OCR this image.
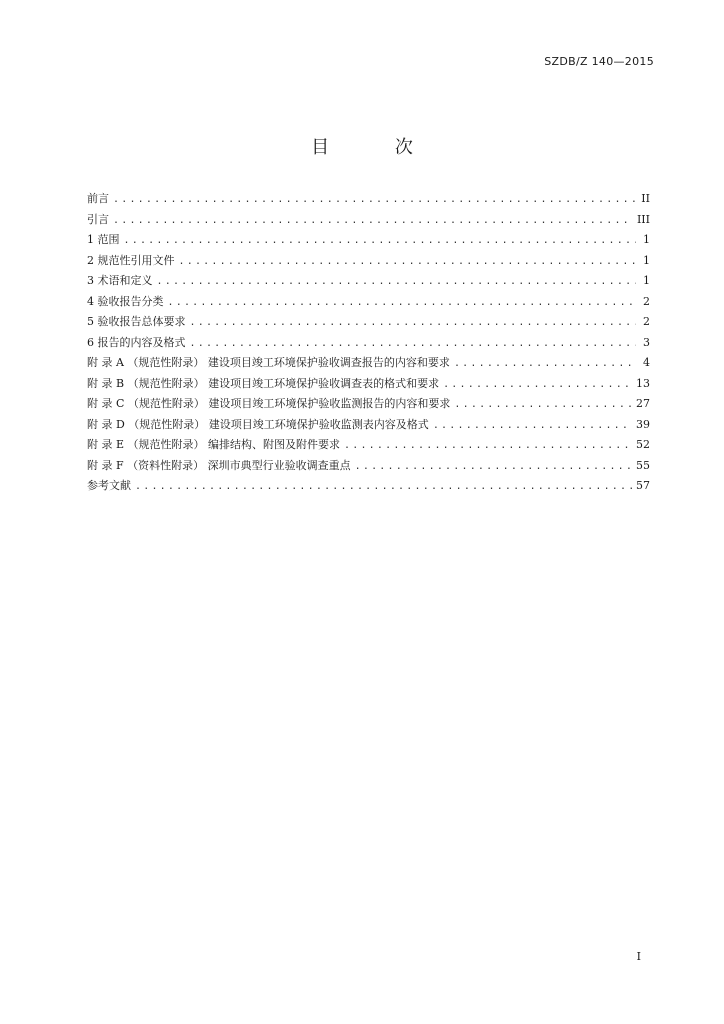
SZDB/Z 140—2015
目 次
前言 .....	II
引言 .....	III
1 范围 .....	1
2 规范性引用文件 .....	1
3 术语和定义 .....	1
4 验收报告分类 .....	2
5 验收报告总体要求 .....	2
6 报告的内容及格式 .....	3
附 录 A （规范性附录） 建设项目竣工环境保护验收调查报告的内容和要求 .....	4
附 录 B （规范性附录） 建设项目竣工环境保护验收调查表的格式和要求 .....	13
附 录 C （规范性附录） 建设项目竣工环境保护验收监测报告的内容和要求 .....	27
附 录 D （规范性附录） 建设项目竣工环境保护验收监测表内容及格式 .....	39
附 录 E （规范性附录） 编排结构、附图及附件要求 .....	52
附 录 F （资料性附录） 深圳市典型行业验收调查重点 .....	55
参考文献 .....	57
I
